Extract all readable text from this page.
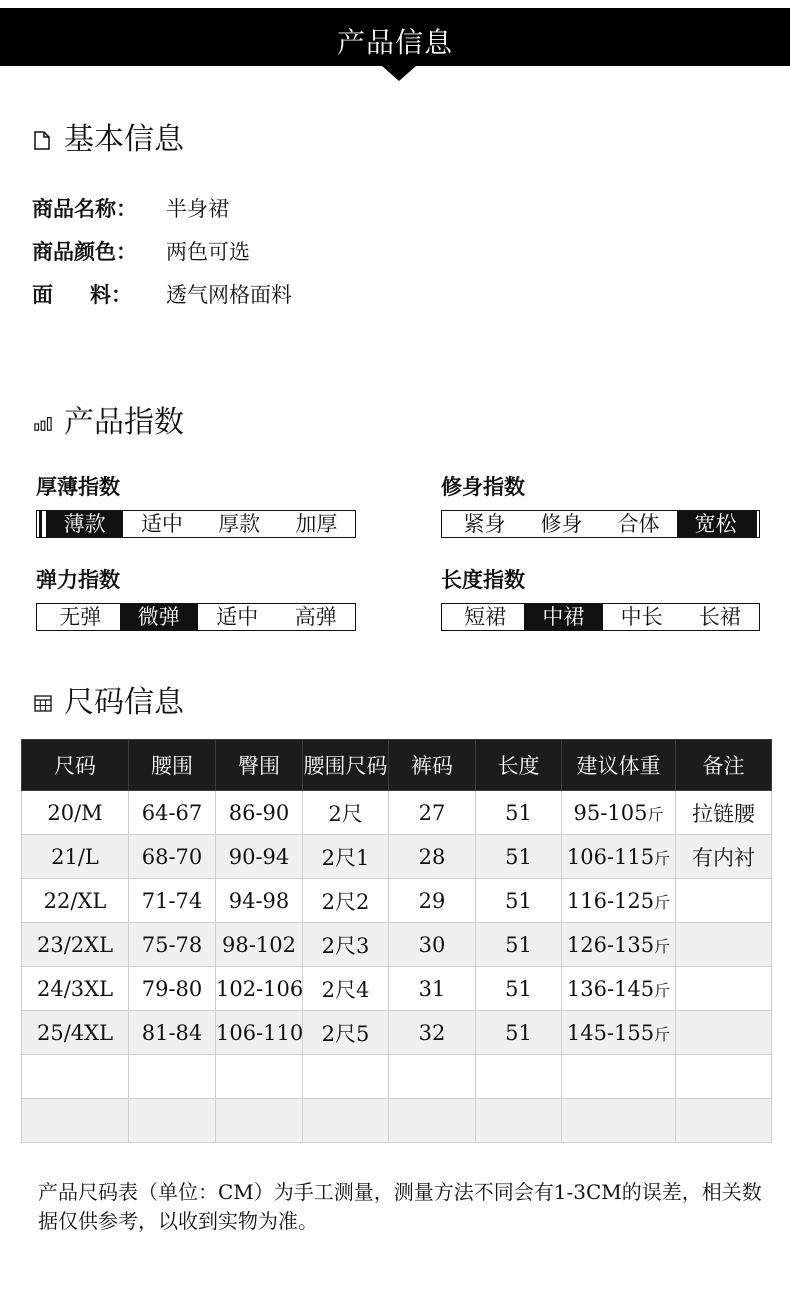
产品信息
基本信息
商品名称：	半身裙
商品颜色：	两色可选
面 料： 透气网格面料
产品指数
厚薄指数
薄款	适中	厚款	加厚
修身指数
紧身	修身	合体	宽松
弹力指数
无弹	微弹	适中	高弹
长度指数
短裙	中裙	中长	长裙
尺码信息
尺码	腰围	臀围	腰围尺码	裤码	长度	建议体重	备注
20/M	64-67	86-90	2尺	27	51	95-105斤	拉链腰
21/L	68-70	90-94	2尺1	28	51	106-115斤	有内衬
22/XL	71-74	94-98	2尺2	29	51	116-125斤	
23/2XL	75-78	98-102	2尺3	30	51	126-135斤	
24/3XL	79-80	102-106	2尺4	31	51	136-145斤	
25/4XL	81-84	106-110	2尺5	32	51	145-155斤	

产品尺码表（单位：CM）为手工测量，测量方法不同会有1-3CM的误差，相关数据仅供参考，以收到实物为准。
